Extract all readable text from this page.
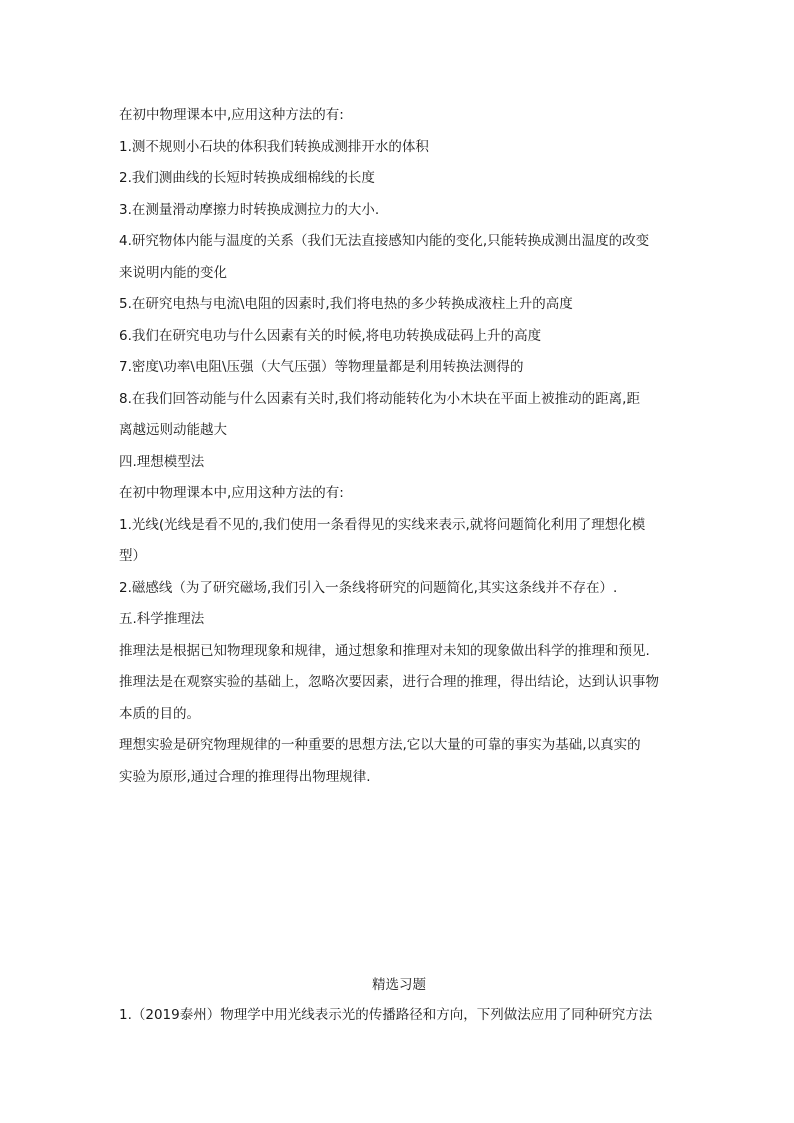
在初中物理课本中,应用这种方法的有:
1.测不规则小石块的体积我们转换成测排开水的体积
2.我们测曲线的长短时转换成细棉线的长度
3.在测量滑动摩擦力时转换成测拉力的大小.
4.研究物体内能与温度的关系（我们无法直接感知内能的变化,只能转换成测出温度的改变
来说明内能的变化
5.在研究电热与电流\电阻的因素时,我们将电热的多少转换成液柱上升的高度
6.我们在研究电功与什么因素有关的时候,将电功转换成砝码上升的高度
7.密度\功率\电阻\压强（大气压强）等物理量都是利用转换法测得的
8.在我们回答动能与什么因素有关时,我们将动能转化为小木块在平面上被推动的距离,距
离越远则动能越大
四.理想模型法
在初中物理课本中,应用这种方法的有:
1.光线(光线是看不见的,我们使用一条看得见的实线来表示,就将问题简化利用了理想化模
型）
2.磁感线（为了研究磁场,我们引入一条线将研究的问题简化,其实这条线并不存在）.
五.科学推理法
推理法是根据已知物理现象和规律，通过想象和推理对未知的现象做出科学的推理和预见.
推理法是在观察实验的基础上，忽略次要因素，进行合理的推理，得出结论，达到认识事物
本质的目的。
理想实验是研究物理规律的一种重要的思想方法,它以大量的可靠的事实为基础,以真实的
实验为原形,通过合理的推理得出物理规律.
精选习题
1.（2019泰州）物理学中用光线表示光的传播路径和方向，下列做法应用了同种研究方法
